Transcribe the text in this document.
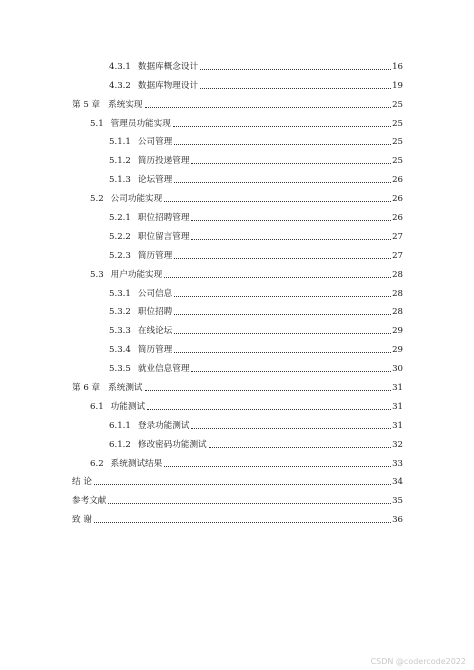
4.3.1 数据库概念设计	16
4.3.2 数据库物理设计	19
第 5 章 系统实现	25
5.1 管理员功能实现	25
5.1.1 公司管理	25
5.1.2 简历投递管理	25
5.1.3 论坛管理	26
5.2 公司功能实现	26
5.2.1 职位招聘管理	26
5.2.2 职位留言管理	27
5.2.3 简历管理	27
5.3 用户功能实现	28
5.3.1 公司信息	28
5.3.2 职位招聘	28
5.3.3 在线论坛	29
5.3.4 简历管理	29
5.3.5 就业信息管理	30
第 6 章 系统测试	31
6.1 功能测试	31
6.1.1 登录功能测试	31
6.1.2 修改密码功能测试	32
6.2 系统测试结果	33
结 论	34
参考文献	35
致 谢	36
CSDN @codercode2022
